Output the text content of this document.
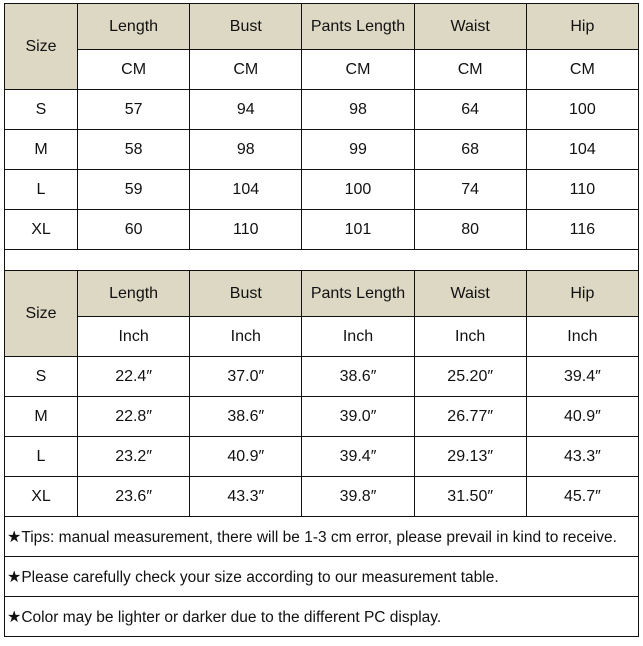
Size	Length	Bust	Pants Length	Waist	Hip
	CM	CM	CM	CM	CM
S	57	94	98	64	100
M	58	98	99	68	104
L	59	104	100	74	110
XL	60	110	101	80	116

Size	Length	Bust	Pants Length	Waist	Hip
	Inch	Inch	Inch	Inch	Inch
S	22.4″	37.0″	38.6″	25.20″	39.4″
M	22.8″	38.6″	39.0″	26.77″	40.9″
L	23.2″	40.9″	39.4″	29.13″	43.3″
XL	23.6″	43.3″	39.8″	31.50″	45.7″
★Tips: manual measurement, there will be 1-3 cm error, please prevail in kind to receive.					
★Please carefully check your size according to our measurement table.					
★Color may be lighter or darker due to the different PC display.					
